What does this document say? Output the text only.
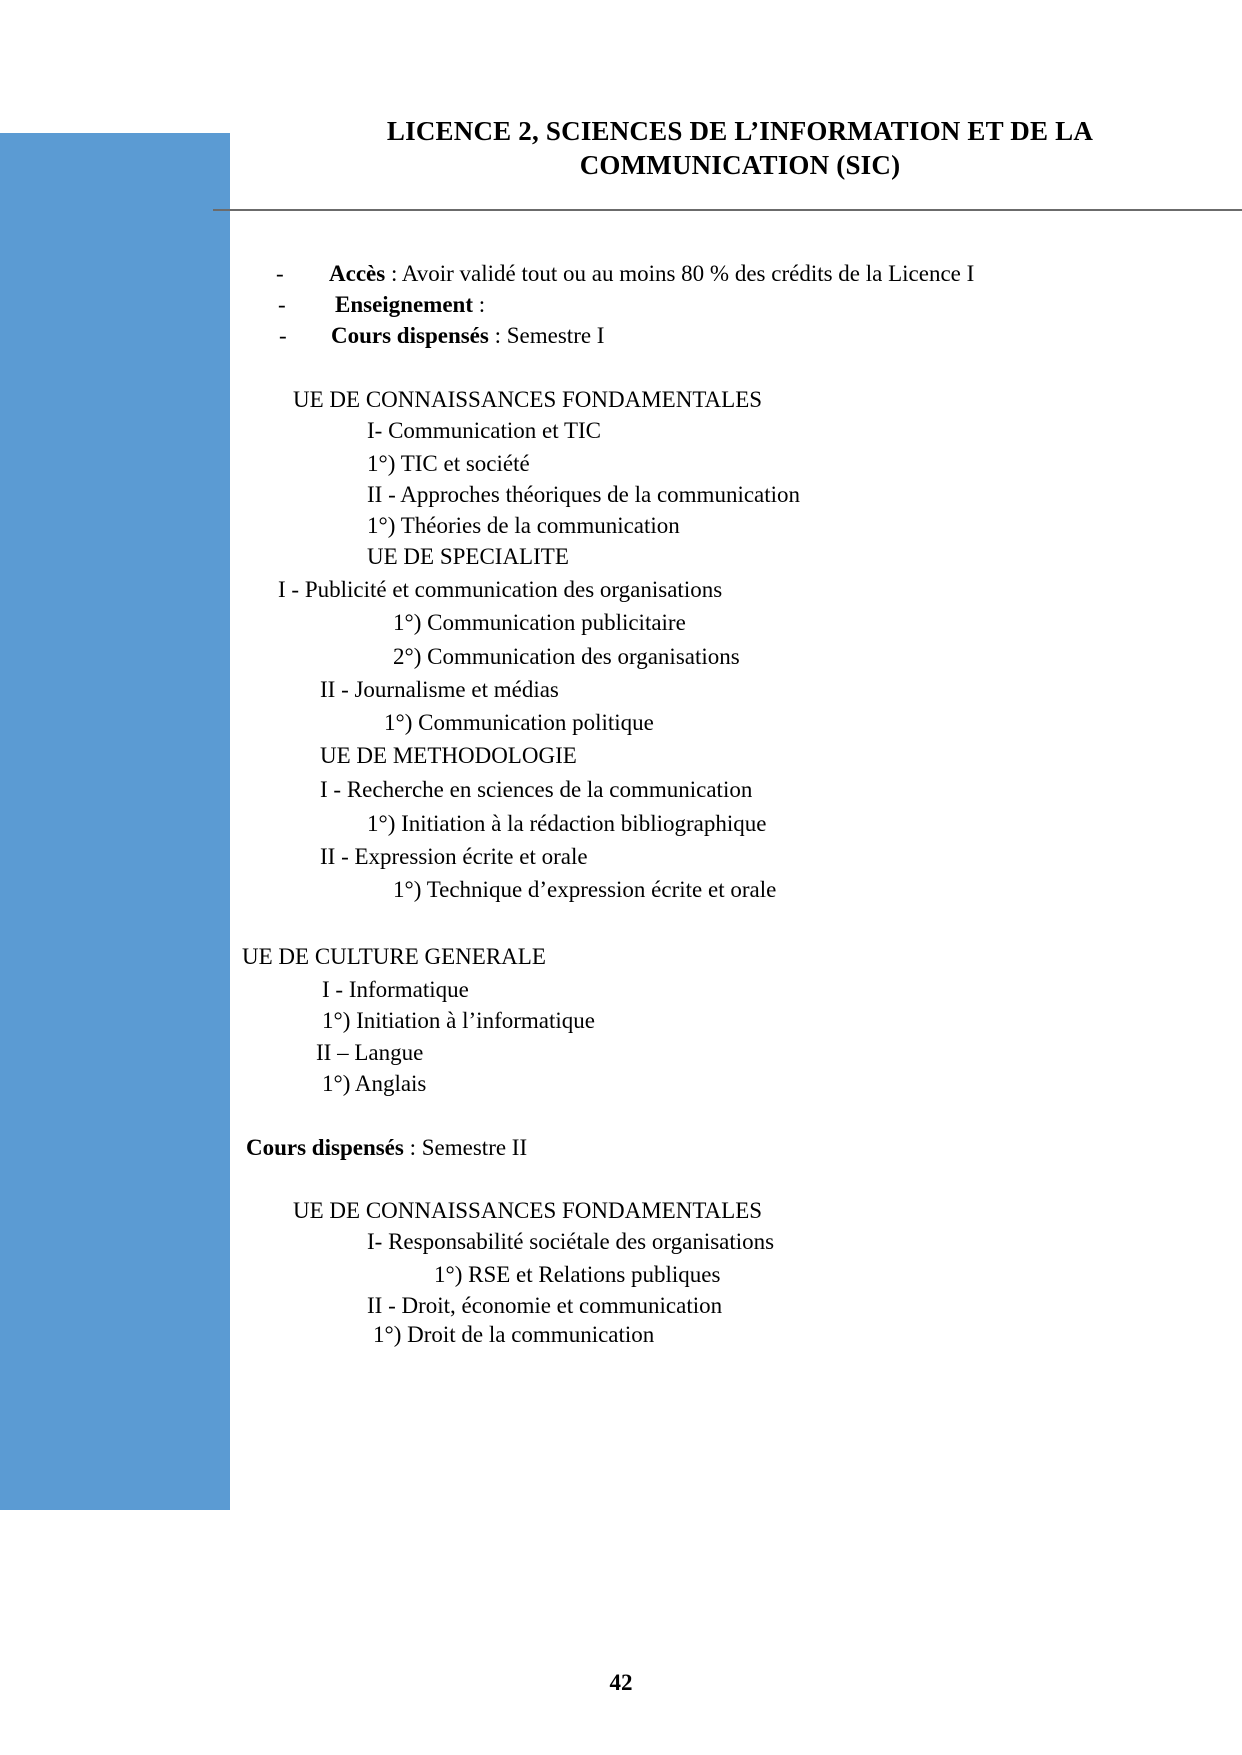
LICENCE 2, SCIENCES DE L’INFORMATION ET DE LA
COMMUNICATION (SIC)
- Accès : Avoir validé tout ou au moins 80 % des crédits de la Licence I
- Enseignement :
- Cours dispensés : Semestre I
UE DE CONNAISSANCES FONDAMENTALES
I- Communication et TIC
1°) TIC et société
II - Approches théoriques de la communication
1°) Théories de la communication
UE DE SPECIALITE
I - Publicité et communication des organisations
1°) Communication publicitaire
2°) Communication des organisations
II - Journalisme et médias
1°) Communication politique
UE DE METHODOLOGIE
I - Recherche en sciences de la communication
1°) Initiation à la rédaction bibliographique
II - Expression écrite et orale
1°) Technique d’expression écrite et orale
UE DE CULTURE GENERALE
I - Informatique
1°) Initiation à l’informatique
II – Langue
1°) Anglais
Cours dispensés : Semestre II
UE DE CONNAISSANCES FONDAMENTALES
I- Responsabilité sociétale des organisations
1°) RSE et Relations publiques
II - Droit, économie et communication
1°) Droit de la communication
42
